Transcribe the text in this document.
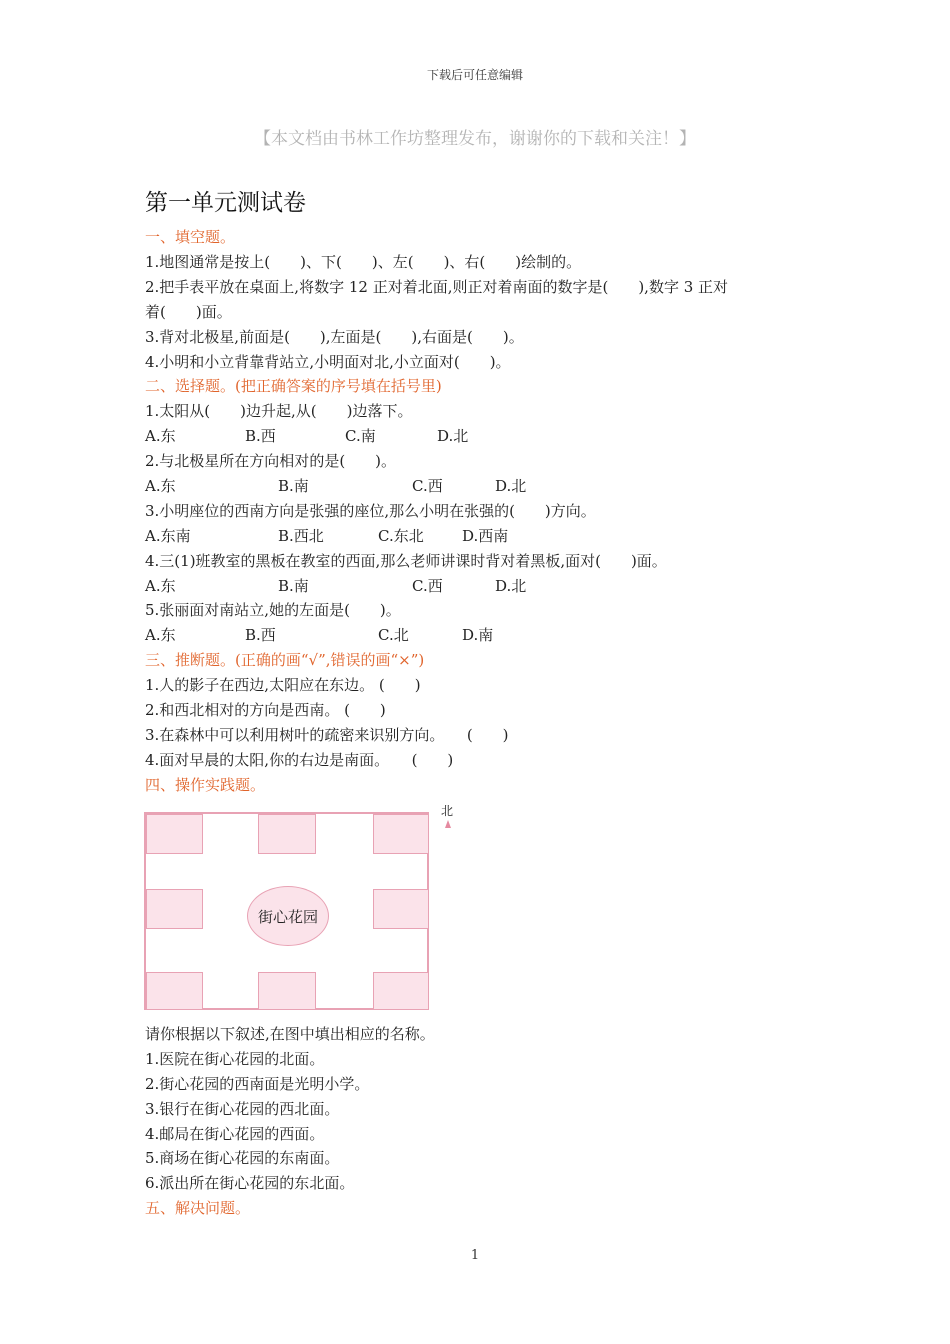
下载后可任意编辑
【本文档由书林工作坊整理发布，谢谢你的下载和关注！】
第一单元测试卷
一、填空题。
1.地图通常是按上(　　)、下(　　)、左(　　)、右(　　)绘制的。
2.把手表平放在桌面上,将数字 12 正对着北面,则正对着南面的数字是(　　),数字 3 正对
着(　　)面。
3.背对北极星,前面是(　　),左面是(　　),右面是(　　)。
4.小明和小立背靠背站立,小明面对北,小立面对(　　)。
二、选择题。(把正确答案的序号填在括号里)
1.太阳从(　　)边升起,从(　　)边落下。
A.东	B.西	C.南	D.北
2.与北极星所在方向相对的是(　　)。
A.东	B.南	C.西	D.北
3.小明座位的西南方向是张强的座位,那么小明在张强的(　　)方向。
A.东南	B.西北	C.东北	D.西南
4.三(1)班教室的黑板在教室的西面,那么老师讲课时背对着黑板,面对(　　)面。
A.东	B.南	C.西	D.北
5.张丽面对南站立,她的左面是(　　)。
A.东	B.西	C.北	D.南
三、推断题。(正确的画“√”,错误的画“×”)
1.人的影子在西边,太阳应在东边。 (　　)
2.和西北相对的方向是西南。 (　　)
3.在森林中可以利用树叶的疏密来识别方向。　　(　　)
4.面对早晨的太阳,你的右边是南面。　　(　　)
四、操作实践题。
街心花园
北
请你根据以下叙述,在图中填出相应的名称。
1.医院在街心花园的北面。
2.街心花园的西南面是光明小学。
3.银行在街心花园的西北面。
4.邮局在街心花园的西面。
5.商场在街心花园的东南面。
6.派出所在街心花园的东北面。
五、解决问题。
1
